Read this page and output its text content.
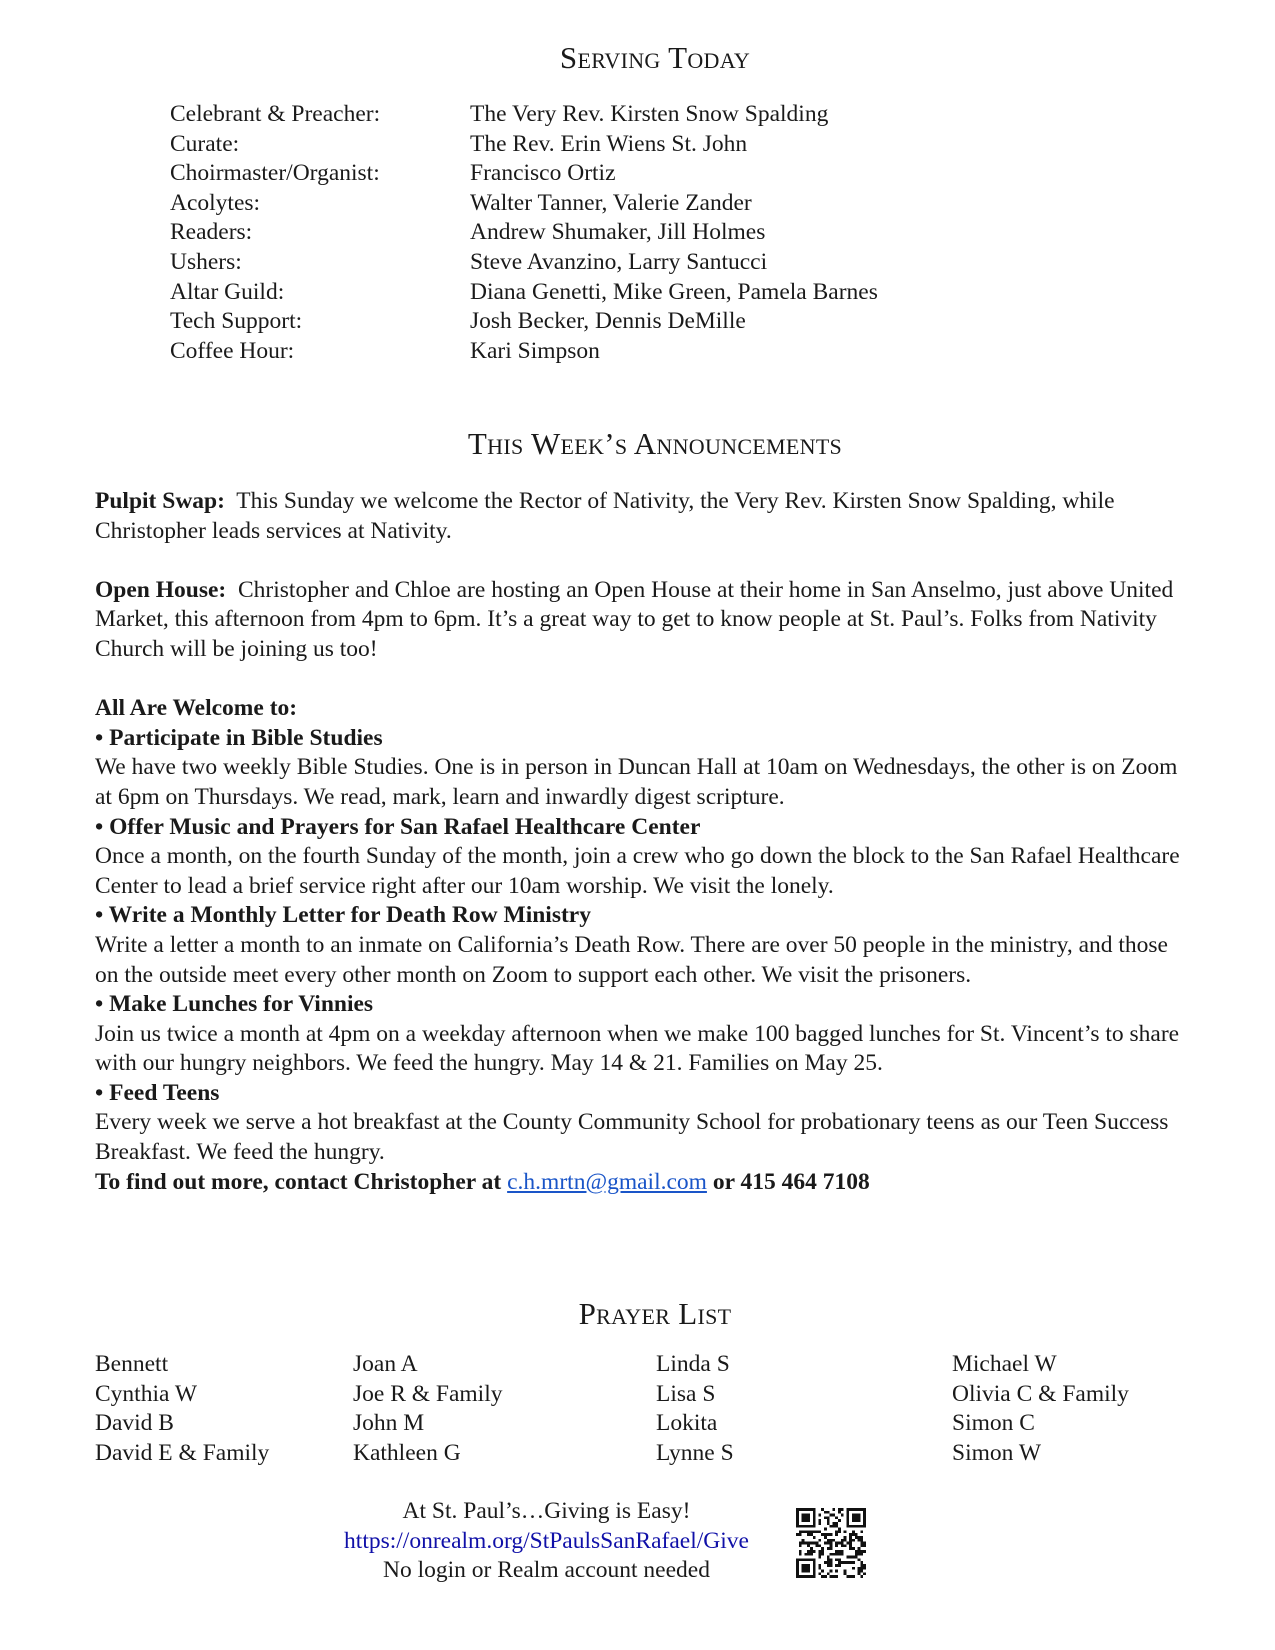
Serving Today
Celebrant & Preacher:	The Very Rev. Kirsten Snow Spalding
Curate:	The Rev. Erin Wiens St. John
Choirmaster/Organist:	Francisco Ortiz
Acolytes:	Walter Tanner, Valerie Zander
Readers:	Andrew Shumaker, Jill Holmes
Ushers:	Steve Avanzino, Larry Santucci
Altar Guild:	Diana Genetti, Mike Green, Pamela Barnes
Tech Support:	Josh Becker, Dennis DeMille
Coffee Hour:	Kari Simpson
This Week’s Announcements

Pulpit Swap: This Sunday we welcome the Rector of Nativity, the Very Rev. Kirsten Snow Spalding, while Christopher leads services at Nativity.

Open House: Christopher and Chloe are hosting an Open House at their home in San Anselmo, just above United Market, this afternoon from 4pm to 6pm. It’s a great way to get to know people at St. Paul’s. Folks from Nativity Church will be joining us too!

All Are Welcome to:

• Participate in Bible Studies

We have two weekly Bible Studies. One is in person in Duncan Hall at 10am on Wednesdays, the other is on Zoom at 6pm on Thursdays. We read, mark, learn and inwardly digest scripture.

• Offer Music and Prayers for San Rafael Healthcare Center

Once a month, on the fourth Sunday of the month, join a crew who go down the block to the San Rafael Healthcare Center to lead a brief service right after our 10am worship. We visit the lonely.

• Write a Monthly Letter for Death Row Ministry

Write a letter a month to an inmate on California’s Death Row. There are over 50 people in the ministry, and those on the outside meet every other month on Zoom to support each other. We visit the prisoners.

• Make Lunches for Vinnies

Join us twice a month at 4pm on a weekday afternoon when we make 100 bagged lunches for St. Vincent’s to share with our hungry neighbors. We feed the hungry. May 14 & 21. Families on May 25.

• Feed Teens

Every week we serve a hot breakfast at the County Community School for probationary teens as our Teen Success Breakfast. We feed the hungry.

To find out more, contact Christopher at c.h.mrtn@gmail.com or 415 464 7108

Prayer List
Bennett
Cynthia W
David B
David E & Family
Joan A
Joe R & Family
John M
Kathleen G
Linda S
Lisa S
Lokita
Lynne S
Michael W
Olivia C & Family
Simon C
Simon W
At St. Paul’s…Giving is Easy!
https://onrealm.org/StPaulsSanRafael/Give
No login or Realm account needed
